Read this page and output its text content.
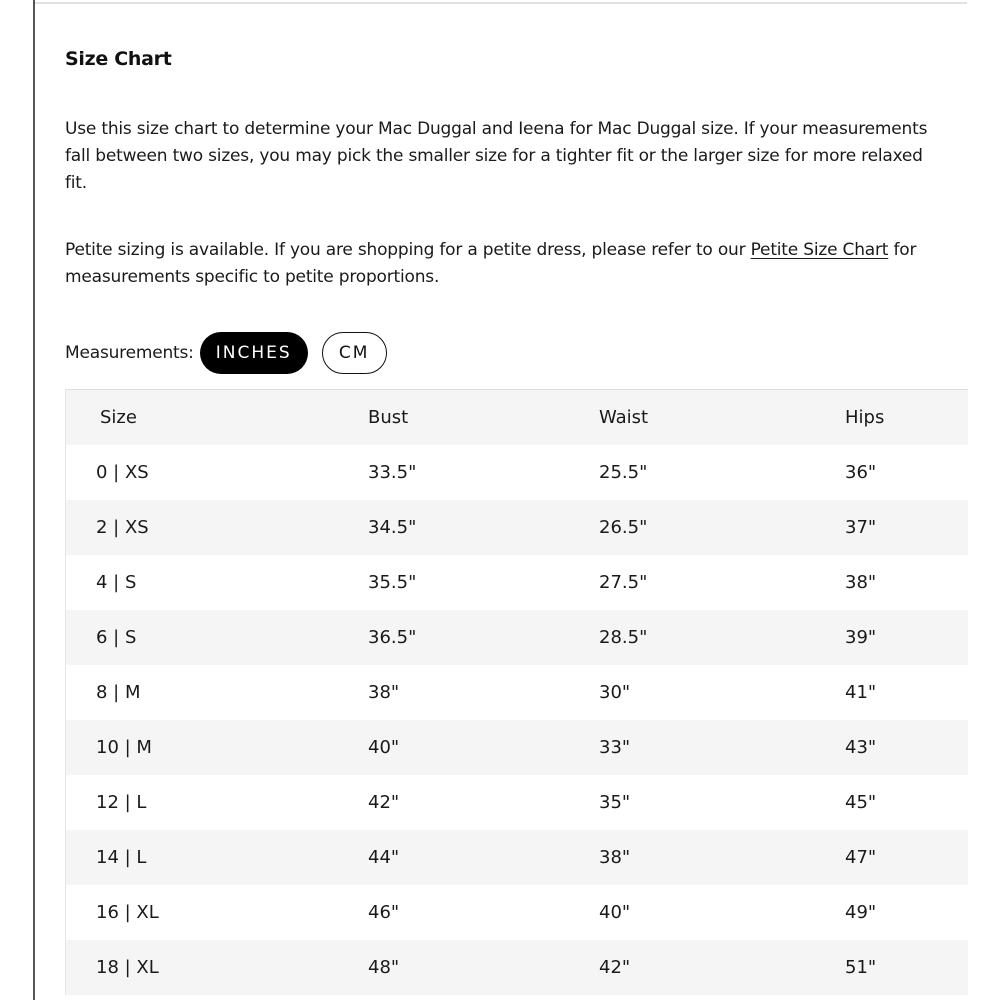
Size Chart
Use this size chart to determine your Mac Duggal and Ieena for Mac Duggal size. If your measurements fall between two sizes, you may pick the smaller size for a tighter fit or the larger size for more relaxed fit.
Petite sizing is available. If you are shopping for a petite dress, please refer to our Petite Size Chart for measurements specific to petite proportions.
Measurements:	INCHES	CM
Size	Bust	Waist	Hips
0 | XS	33.5"	25.5"	36"
2 | XS	34.5"	26.5"	37"
4 | S	35.5"	27.5"	38"
6 | S	36.5"	28.5"	39"
8 | M	38"	30"	41"
10 | M	40"	33"	43"
12 | L	42"	35"	45"
14 | L	44"	38"	47"
16 | XL	46"	40"	49"
18 | XL	48"	42"	51"
